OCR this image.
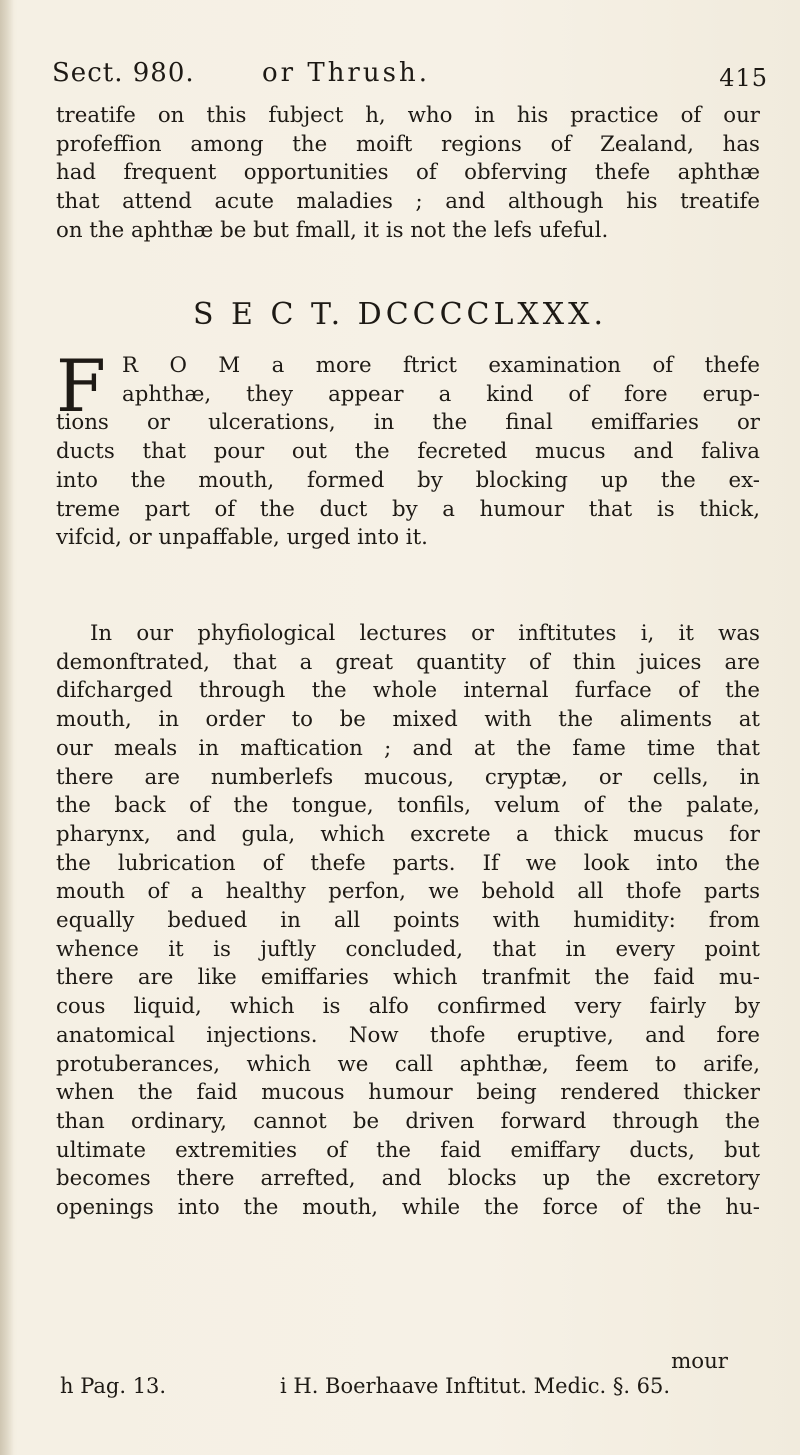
Sect. 980.	or Thrush.	415
treatife on this fubject h, who in his practice of our
profeffion among the moift regions of Zealand, has
had frequent opportunities of obferving thefe aphthæ
that attend acute maladies ; and although his treatife
on the aphthæ be but fmall, it is not the lefs ufeful.
S E C T. DCCCCLXXX.
F R O M a more ftrict examination of thefe
aphthæ, they appear a kind of fore erup-
tions or ulcerations, in the final emiffaries or
ducts that pour out the fecreted mucus and faliva
into the mouth, formed by blocking up the ex-
treme part of the duct by a humour that is thick,
vifcid, or unpaffable, urged into it.
In our phyfiological lectures or inftitutes i, it was
demonftrated, that a great quantity of thin juices are
difcharged through the whole internal furface of the
mouth, in order to be mixed with the aliments at
our meals in maftication ; and at the fame time that
there are numberlefs mucous, cryptæ, or cells, in
the back of the tongue, tonfils, velum of the palate,
pharynx, and gula, which excrete a thick mucus for
the lubrication of thefe parts. If we look into the
mouth of a healthy perfon, we behold all thofe parts
equally bedued in all points with humidity: from
whence it is juftly concluded, that in every point
there are like emiffaries which tranfmit the faid mu-
cous liquid, which is alfo confirmed very fairly by
anatomical injections. Now thofe eruptive, and fore
protuberances, which we call aphthæ, feem to arife,
when the faid mucous humour being rendered thicker
than ordinary, cannot be driven forward through the
ultimate extremities of the faid emiffary ducts, but
becomes there arrefted, and blocks up the excretory
openings into the mouth, while the force of the hu-
mour
h Pag. 13.	i H. Boerhaave Inftitut. Medic. §. 65.
